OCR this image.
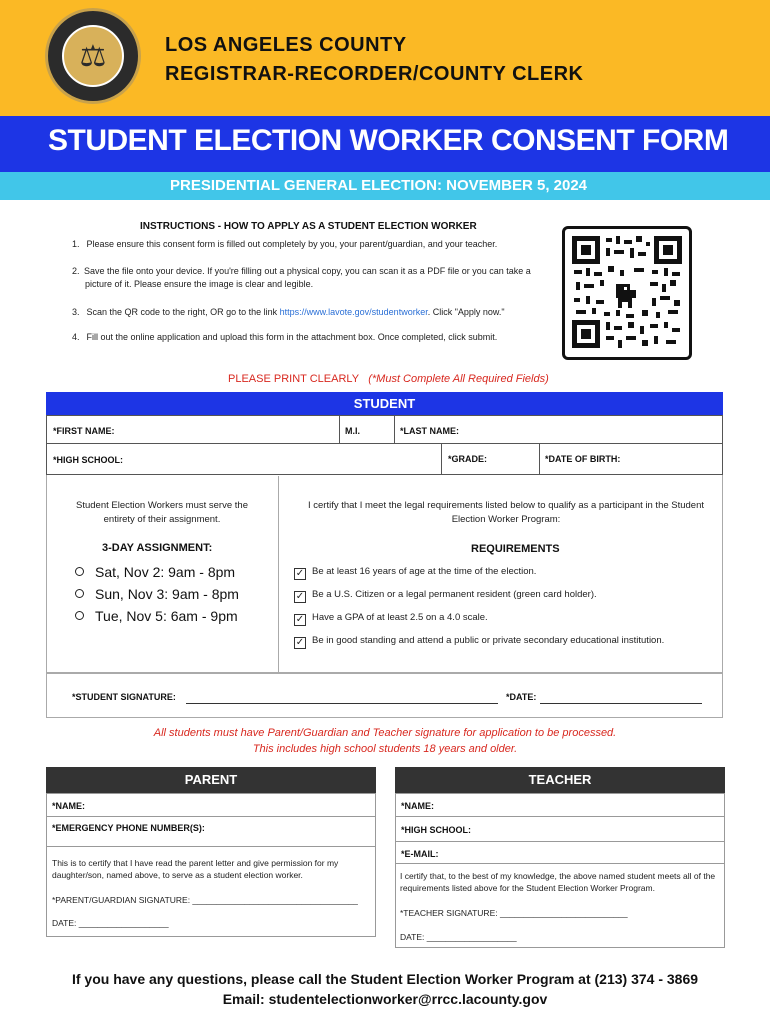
⚖	LOS ANGELES COUNTY
REGISTRAR-RECORDER/COUNTY CLERK
STUDENT ELECTION WORKER CONSENT FORM
PRESIDENTIAL GENERAL ELECTION: NOVEMBER 5, 2024
INSTRUCTIONS - HOW TO APPLY AS A STUDENT ELECTION WORKER
1. Please ensure this consent form is filled out completely by you, your parent/guardian, and your teacher.
2. Save the file onto your device. If you're filling out a physical copy, you can scan it as a PDF file or you can take a picture of it. Please ensure the image is clear and legible.
3. Scan the QR code to the right, OR go to the link https://www.lavote.gov/studentworker. Click "Apply now."
4. Fill out the online application and upload this form in the attachment box. Once completed, click submit.
PLEASE PRINT CLEARLY (*Must Complete All Required Fields)
STUDENT
*FIRST NAME:	M.I.	*LAST NAME:
*HIGH SCHOOL:	*GRADE:	*DATE OF BIRTH:
Student Election Workers must serve the entirety of their assignment.
I certify that I meet the legal requirements listed below to qualify as a participant in the Student Election Worker Program:
3-DAY ASSIGNMENT:	REQUIREMENTS
Sat, Nov 2: 9am - 8pm
Sun, Nov 3: 9am - 8pm
Tue, Nov 5: 6am - 9pm
✓ Be at least 16 years of age at the time of the election.
✓ Be a U.S. Citizen or a legal permanent resident (green card holder).
✓ Have a GPA of at least 2.5 on a 4.0 scale.
✓ Be in good standing and attend a public or private secondary educational institution.
*STUDENT SIGNATURE:	*DATE:
All students must have Parent/Guardian and Teacher signature for application to be processed.
This includes high school students 18 years and older.
PARENT
*NAME:
*EMERGENCY PHONE NUMBER(S):
This is to certify that I have read the parent letter and give permission for my daughter/son, named above, to serve as a student election worker.
*PARENT/GUARDIAN SIGNATURE: ___________________________________
DATE: ___________________
TEACHER
*NAME:
*HIGH SCHOOL:
*E-MAIL:
I certify that, to the best of my knowledge, the above named student meets all of the requirements listed above for the Student Election Worker Program.
*TEACHER SIGNATURE: ___________________________
DATE: ___________________
If you have any questions, please call the Student Election Worker Program at (213) 374 - 3869
Email: studentelectionworker@rrcc.lacounty.gov
